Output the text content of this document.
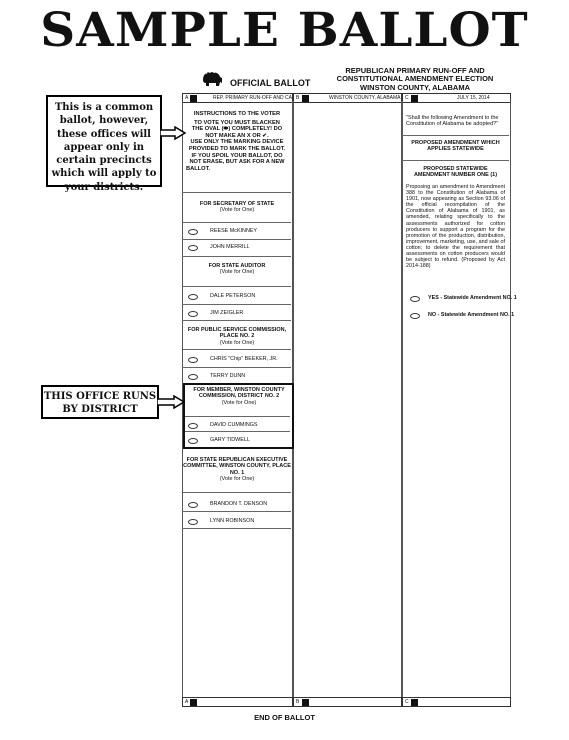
SAMPLE BALLOT
OFFICIAL BALLOT
REPUBLICAN PRIMARY RUN-OFF AND
CONSTITUTIONAL AMENDMENT ELECTION
WINSTON COUNTY, ALABAMA
A	REP. PRIMARY RUN-OFF AND CA B	WINSTON COUNTY, ALABAMA C	JULY 15, 2014
A	B	C
INSTRUCTIONS TO THE VOTER
TO VOTE YOU MUST BLACKEN
THE OVAL (⬬) COMPLETELY! DO
NOT MAKE AN X OR ✔.
USE ONLY THE MARKING DEVICE
PROVIDED TO MARK THE BALLOT.
IF YOU SPOIL YOUR BALLOT, DO
NOT ERASE, BUT ASK FOR A NEW
BALLOT.
FOR SECRETARY OF STATE
(Vote for One)
REESE McKINNEY
JOHN MERRILL
FOR STATE AUDITOR
(Vote for One)
DALE PETERSON
JIM ZEIGLER
FOR PUBLIC SERVICE COMMISSION, PLACE NO. 2
(Vote for One)
CHRIS "Chip" BEEKER, JR.
TERRY DUNN
FOR MEMBER, WINSTON COUNTY COMMISSION, DISTRICT NO. 2
(Vote for One)
DAVID CUMMINGS
GARY TIDWELL
FOR STATE REPUBLICAN EXECUTIVE COMMITTEE, WINSTON COUNTY, PLACE NO. 1
(Vote for One)
BRANDON T. DENSON
LYNN ROBINSON
"Shall the following Amendment to the Constitution of Alabama be adopted?"
PROPOSED AMENDMENT WHICH APPLIES STATEWIDE
PROPOSED STATEWIDE AMENDMENT NUMBER ONE (1)
Proposing an amendment to Amendment 388 to the Constitution of Alabama of 1901, now appearing as Section 93.06 of the official recompilation of the Constitution of Alabama of 1901, as amended, relating specifically to the assessments authorized for cotton producers to support a program for the promotion of the production, distribution, improvement, marketing, use, and sale of cotton; to delete the requirement that assessments on cotton producers would be subject to refund. (Proposed by Act 2014-188)
YES - Statewide Amendment NO. 1
NO - Statewide Amendment NO. 1
This is a common ballot, however, these offices will appear only in certain precincts which will apply to your districts.
THIS OFFICE RUNS BY DISTRICT
END OF BALLOT
